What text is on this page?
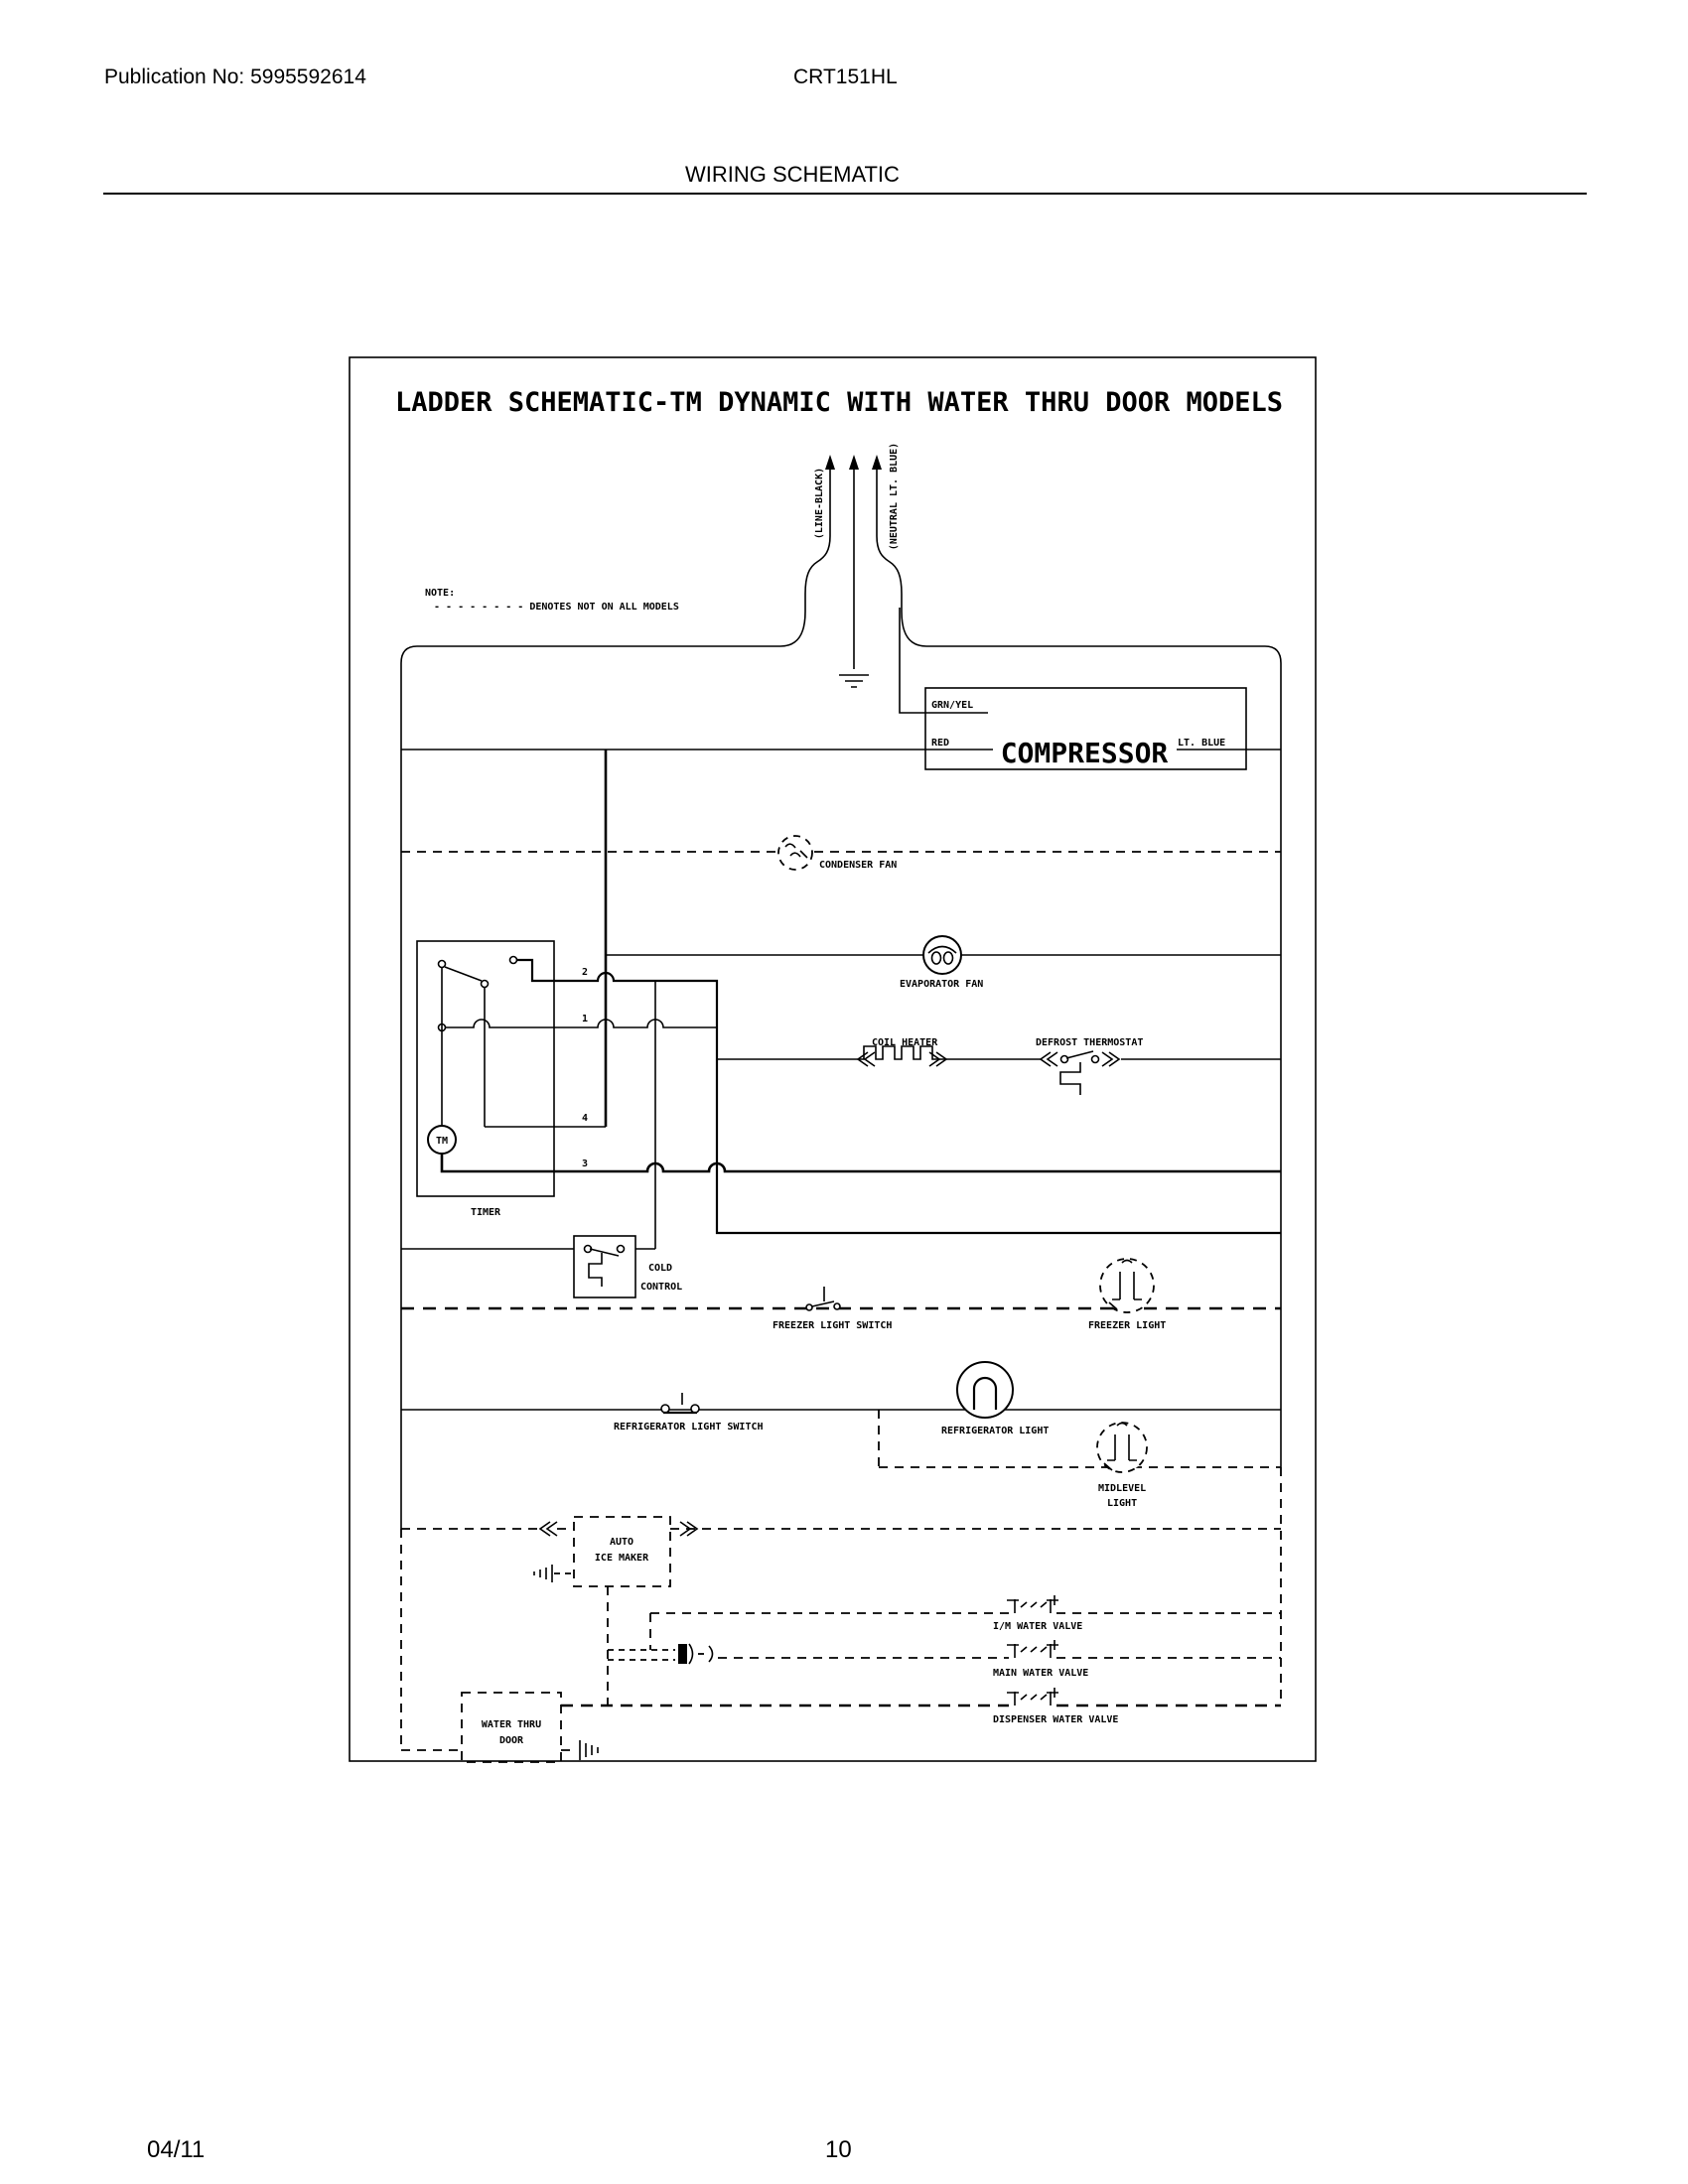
Publication No: 5995592614	CRT151HL
WIRING SCHEMATIC
LADDER SCHEMATIC-TM DYNAMIC WITH WATER THRU DOOR MODELS
NOTE:
- - - - - - - - DENOTES NOT ON ALL MODELS
(LINE-BLACK)	(NEUTRAL LT. BLUE)
GRN/YEL
RED	LT. BLUE
COMPRESSOR
CONDENSER FAN
EVAPORATOR FAN
TM
2
1
4
3
TIMER
COIL HEATER	DEFROST THERMOSTAT
COLD
CONTROL
FREEZER LIGHT SWITCH	FREEZER LIGHT
REFRIGERATOR LIGHT SWITCH	REFRIGERATOR LIGHT
MIDLEVEL
LIGHT
AUTO
ICE MAKER
I/M WATER VALVE
MAIN WATER VALVE
DISPENSER WATER VALVE
WATER THRU
DOOR
04/11	10
